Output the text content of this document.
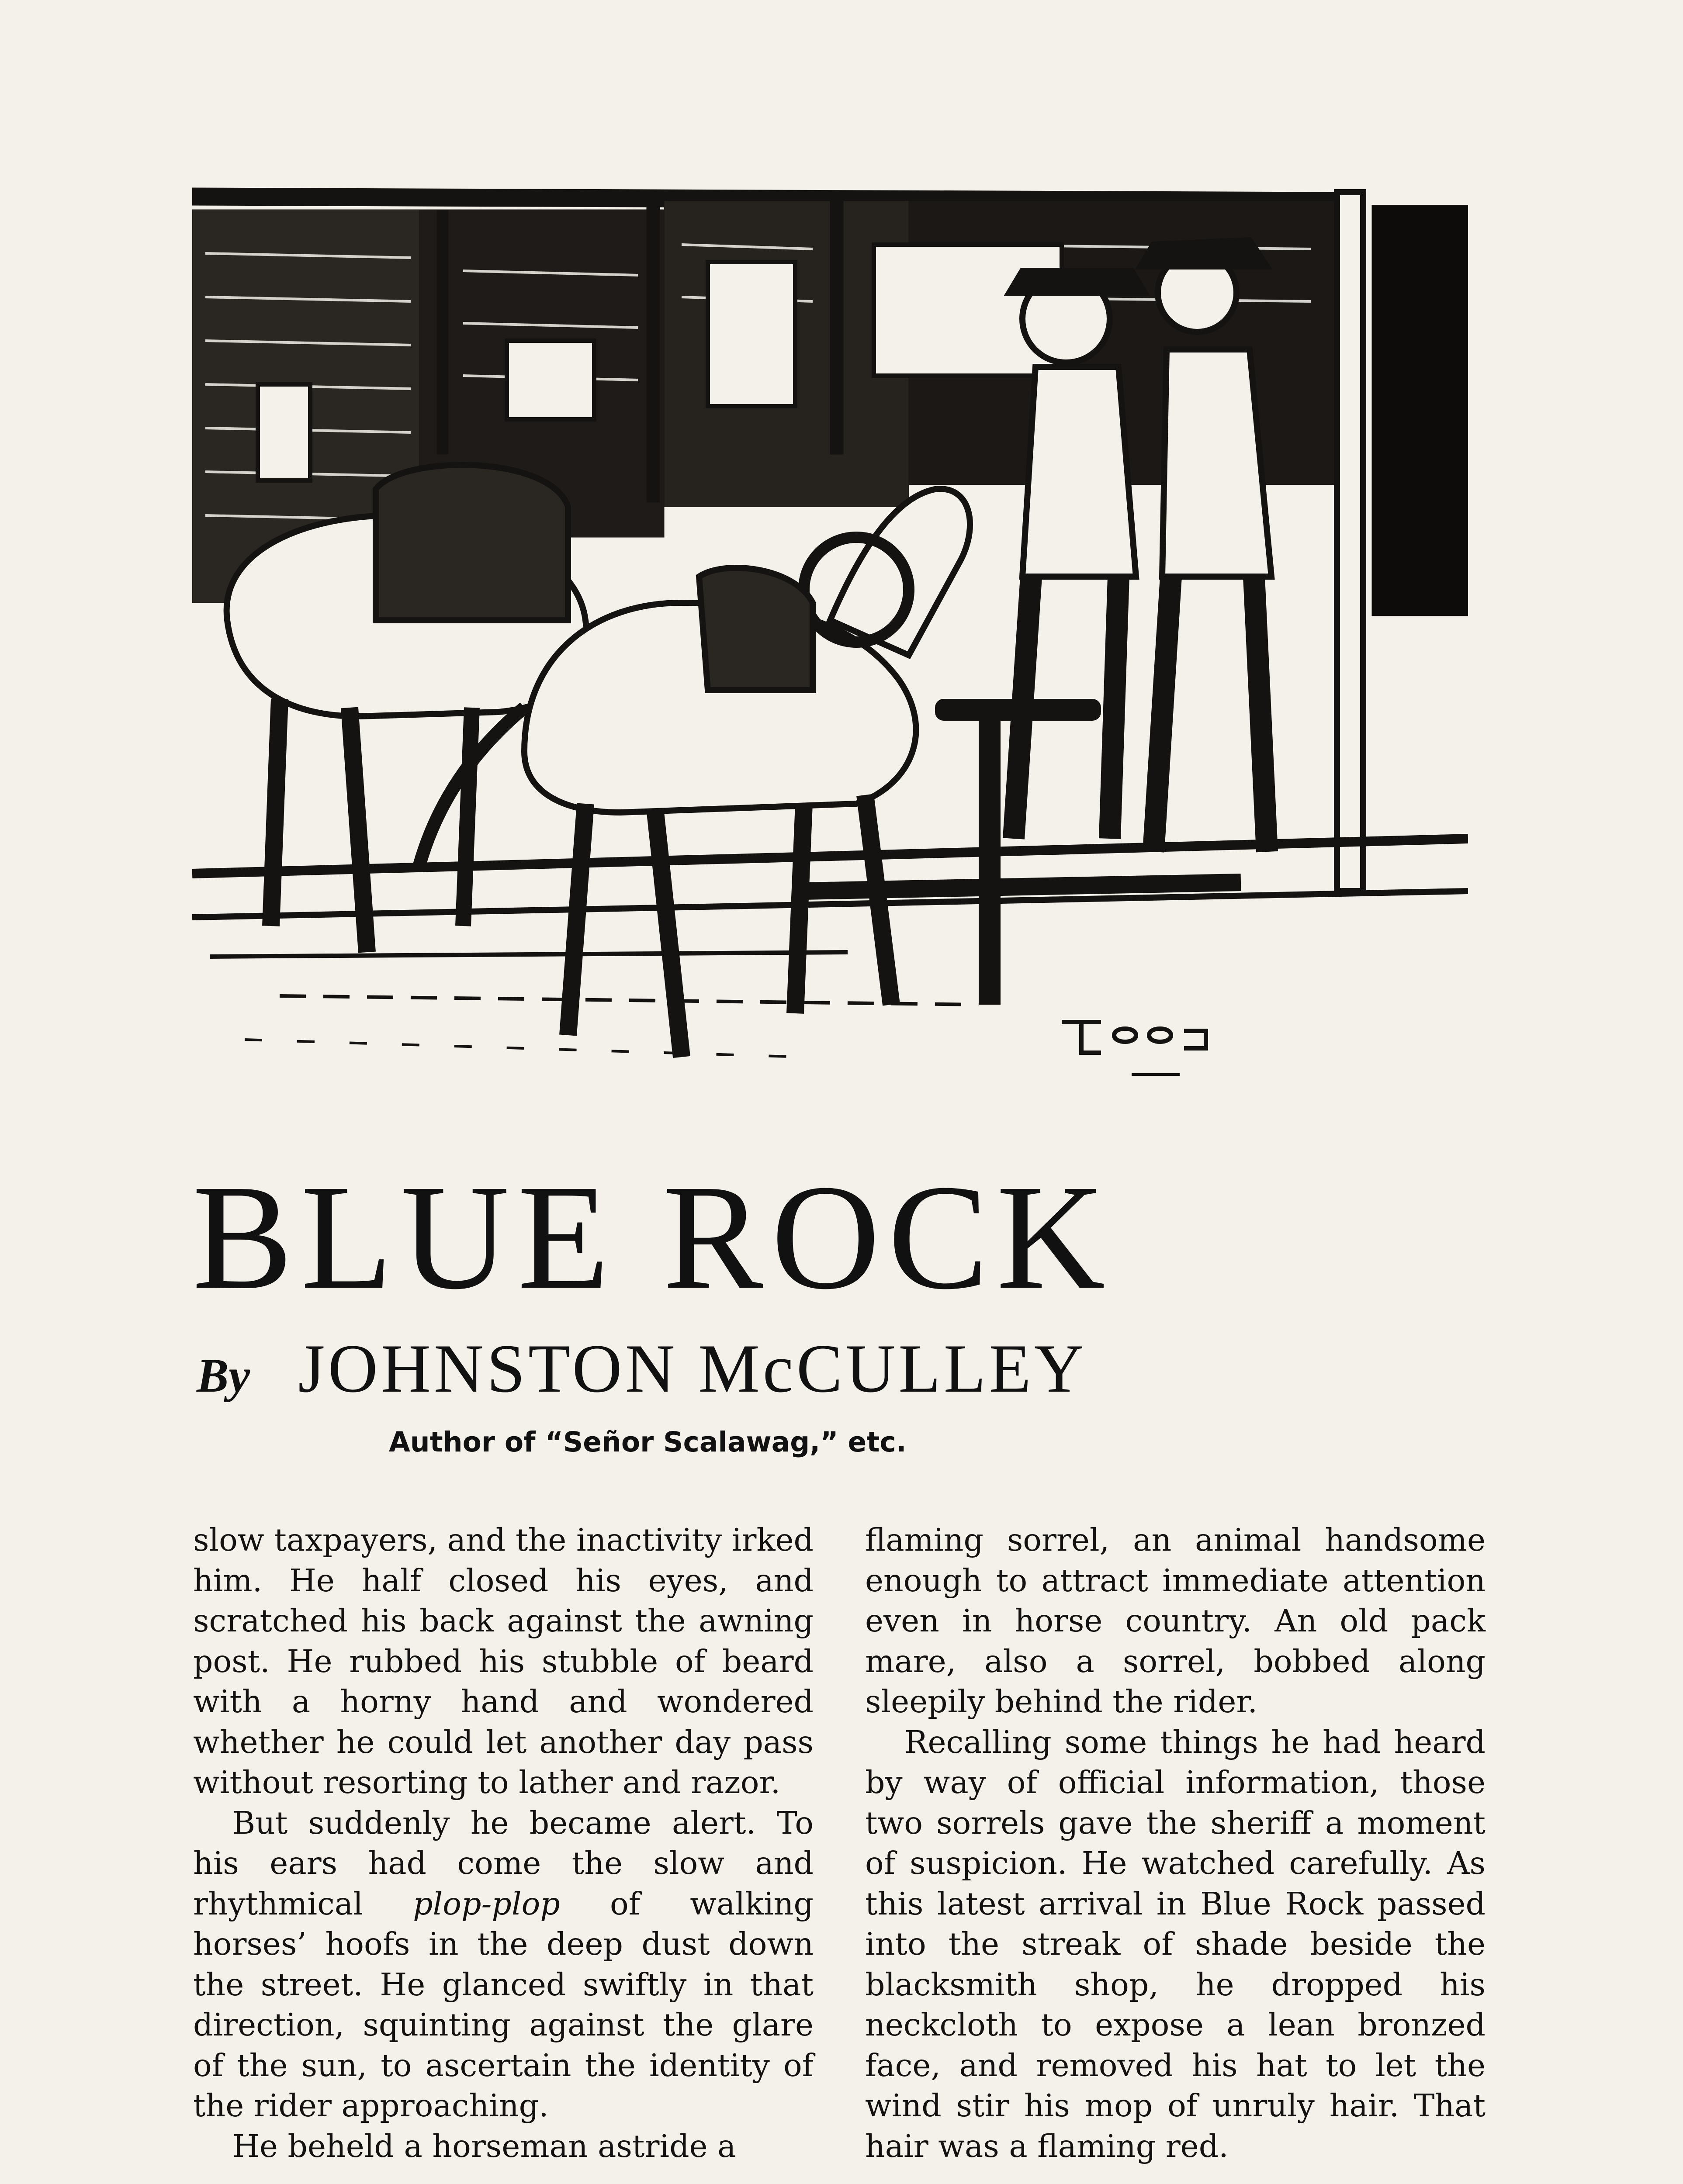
BLUE ROCK
By JOHNSTON McCULLEY
Author of “Señor Scalawag,” etc.

slow taxpayers, and the inactivity irked him. He half closed his eyes, and scratched his back against the awning post. He rubbed his stubble of beard with a horny hand and wondered whether he could let another day pass without resorting to lather and razor.

But suddenly he became alert. To his ears had come the slow and rhythmical plop-plop of walking horses’ hoofs in the deep dust down the street. He glanced swiftly in that direction, squinting against the glare of the sun, to ascertain the identity of the rider approaching.

He beheld a horseman astride a

flaming sorrel, an animal handsome enough to attract immediate attention even in horse country. An old pack mare, also a sorrel, bobbed along sleepily behind the rider.

Recalling some things he had heard by way of official information, those two sorrels gave the sheriff a moment of suspicion. He watched carefully. As this latest arrival in Blue Rock passed into the streak of shade beside the blacksmith shop, he dropped his neckcloth to expose a lean bronzed face, and removed his hat to let the wind stir his mop of unruly hair. That hair was a flaming red.
